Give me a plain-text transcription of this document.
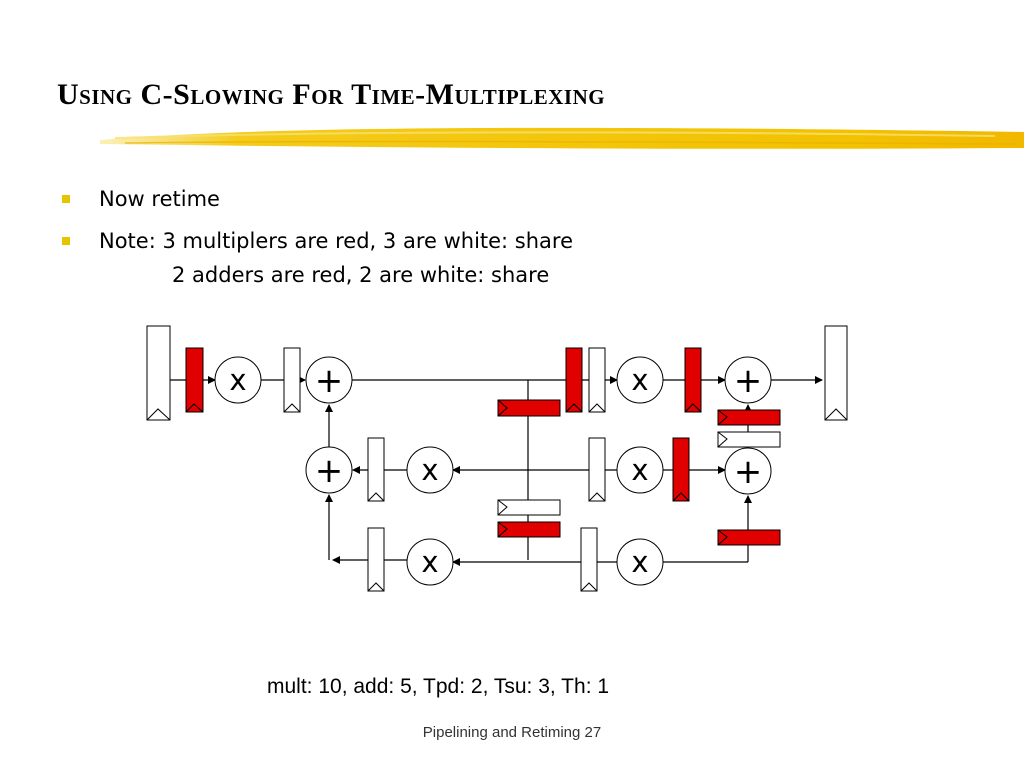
Using C-Slowing For Time-Multiplexing
Now retime
Note: 3 multiplers are red, 3 are white: share
2 adders are red, 2 are white: share
x +	x	+
+	x	x	+
x	x
mult: 10, add: 5, Tpd: 2, Tsu: 3, Th: 1
Pipelining and Retiming 27
